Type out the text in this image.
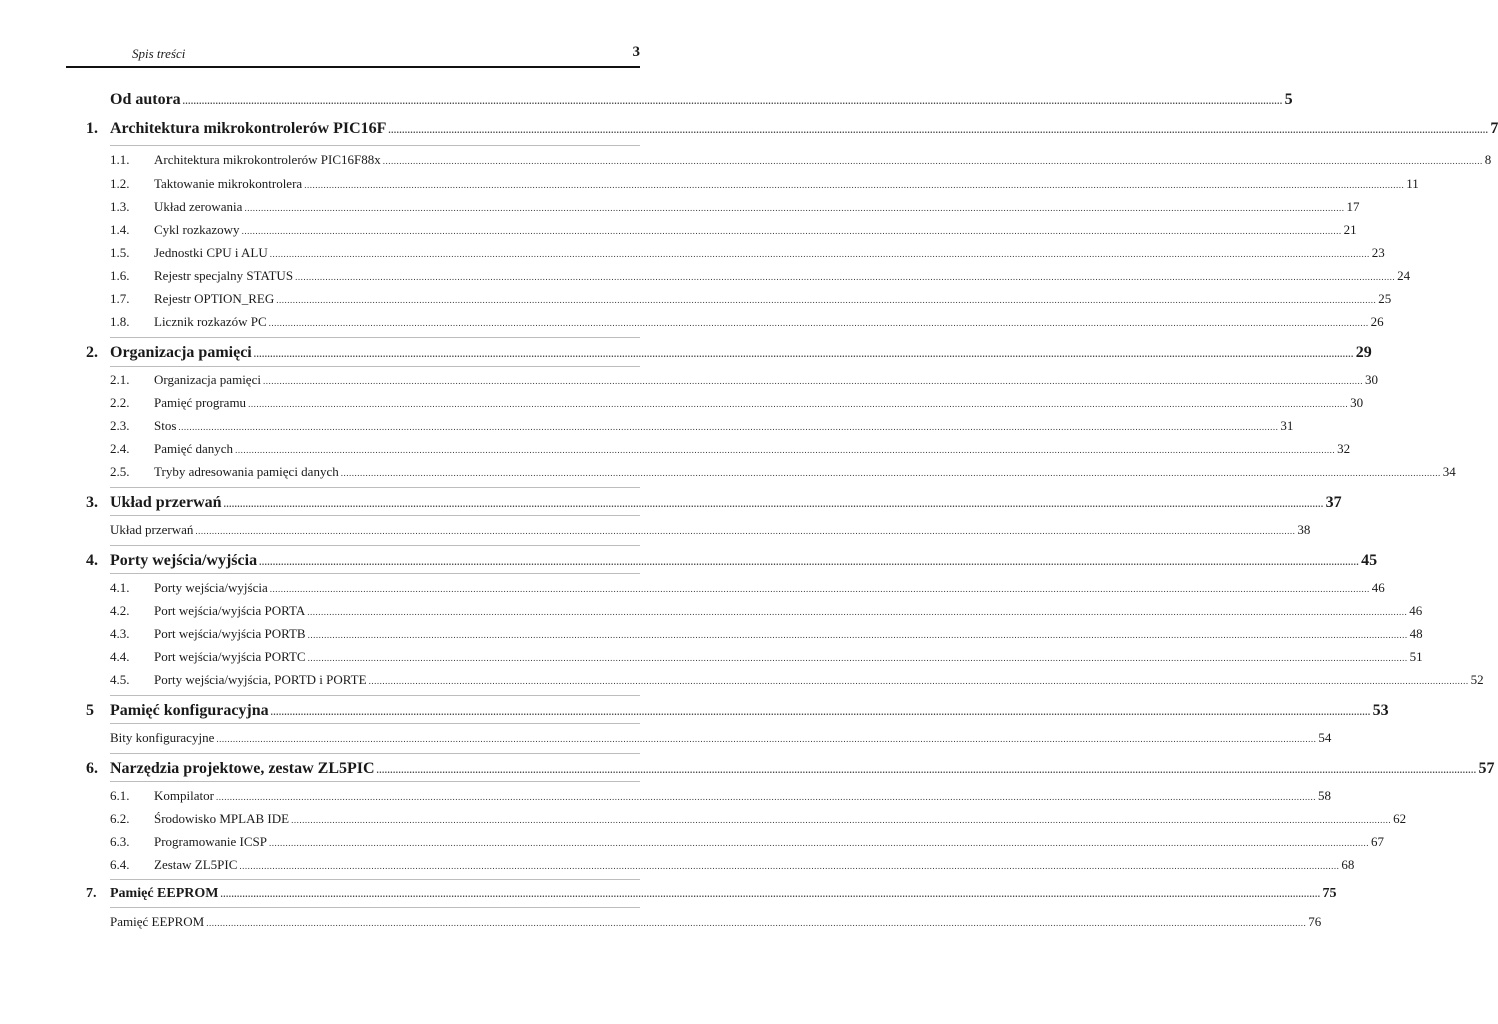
Spis treści	3
Od autora ................................................................................................................................................................................................................................................................................................................................................................................................................ 5
1. Architektura mikrokontrolerów PIC16F ................................................................................................................................................................................................................................................................................................................................................................................................................ 7
1.1. Architektura mikrokontrolerów PIC16F88x ................................................................................................................................................................................................................................................................................................................................................................................................................ 8
1.2. Taktowanie mikrokontrolera ................................................................................................................................................................................................................................................................................................................................................................................................................ 11
1.3. Układ zerowania ................................................................................................................................................................................................................................................................................................................................................................................................................ 17
1.4. Cykl rozkazowy ................................................................................................................................................................................................................................................................................................................................................................................................................ 21
1.5. Jednostki CPU i ALU ................................................................................................................................................................................................................................................................................................................................................................................................................ 23
1.6. Rejestr specjalny STATUS ................................................................................................................................................................................................................................................................................................................................................................................................................ 24
1.7. Rejestr OPTION_REG ................................................................................................................................................................................................................................................................................................................................................................................................................ 25
1.8. Licznik rozkazów PC ................................................................................................................................................................................................................................................................................................................................................................................................................ 26
2. Organizacja pamięci ................................................................................................................................................................................................................................................................................................................................................................................................................ 29
2.1. Organizacja pamięci ................................................................................................................................................................................................................................................................................................................................................................................................................ 30
2.2. Pamięć programu ................................................................................................................................................................................................................................................................................................................................................................................................................ 30
2.3. Stos ................................................................................................................................................................................................................................................................................................................................................................................................................ 31
2.4. Pamięć danych ................................................................................................................................................................................................................................................................................................................................................................................................................ 32
2.5. Tryby adresowania pamięci danych ................................................................................................................................................................................................................................................................................................................................................................................................................ 34
3. Układ przerwań ................................................................................................................................................................................................................................................................................................................................................................................................................ 37
Układ przerwań ................................................................................................................................................................................................................................................................................................................................................................................................................ 38
4. Porty wejścia/wyjścia ................................................................................................................................................................................................................................................................................................................................................................................................................ 45
4.1. Porty wejścia/wyjścia ................................................................................................................................................................................................................................................................................................................................................................................................................ 46
4.2. Port wejścia/wyjścia PORTA ................................................................................................................................................................................................................................................................................................................................................................................................................ 46
4.3. Port wejścia/wyjścia PORTB ................................................................................................................................................................................................................................................................................................................................................................................................................ 48
4.4. Port wejścia/wyjścia PORTC ................................................................................................................................................................................................................................................................................................................................................................................................................ 51
4.5. Porty wejścia/wyjścia, PORTD i PORTE ................................................................................................................................................................................................................................................................................................................................................................................................................ 52
5 Pamięć konfiguracyjna ................................................................................................................................................................................................................................................................................................................................................................................................................ 53
Bity konfiguracyjne ................................................................................................................................................................................................................................................................................................................................................................................................................ 54
6. Narzędzia projektowe, zestaw ZL5PIC ................................................................................................................................................................................................................................................................................................................................................................................................................ 57
6.1. Kompilator ................................................................................................................................................................................................................................................................................................................................................................................................................ 58
6.2. Środowisko MPLAB IDE ................................................................................................................................................................................................................................................................................................................................................................................................................ 62
6.3. Programowanie ICSP ................................................................................................................................................................................................................................................................................................................................................................................................................ 67
6.4. Zestaw ZL5PIC ................................................................................................................................................................................................................................................................................................................................................................................................................ 68
7. Pamięć EEPROM ................................................................................................................................................................................................................................................................................................................................................................................................................ 75
Pamięć EEPROM ................................................................................................................................................................................................................................................................................................................................................................................................................ 76
